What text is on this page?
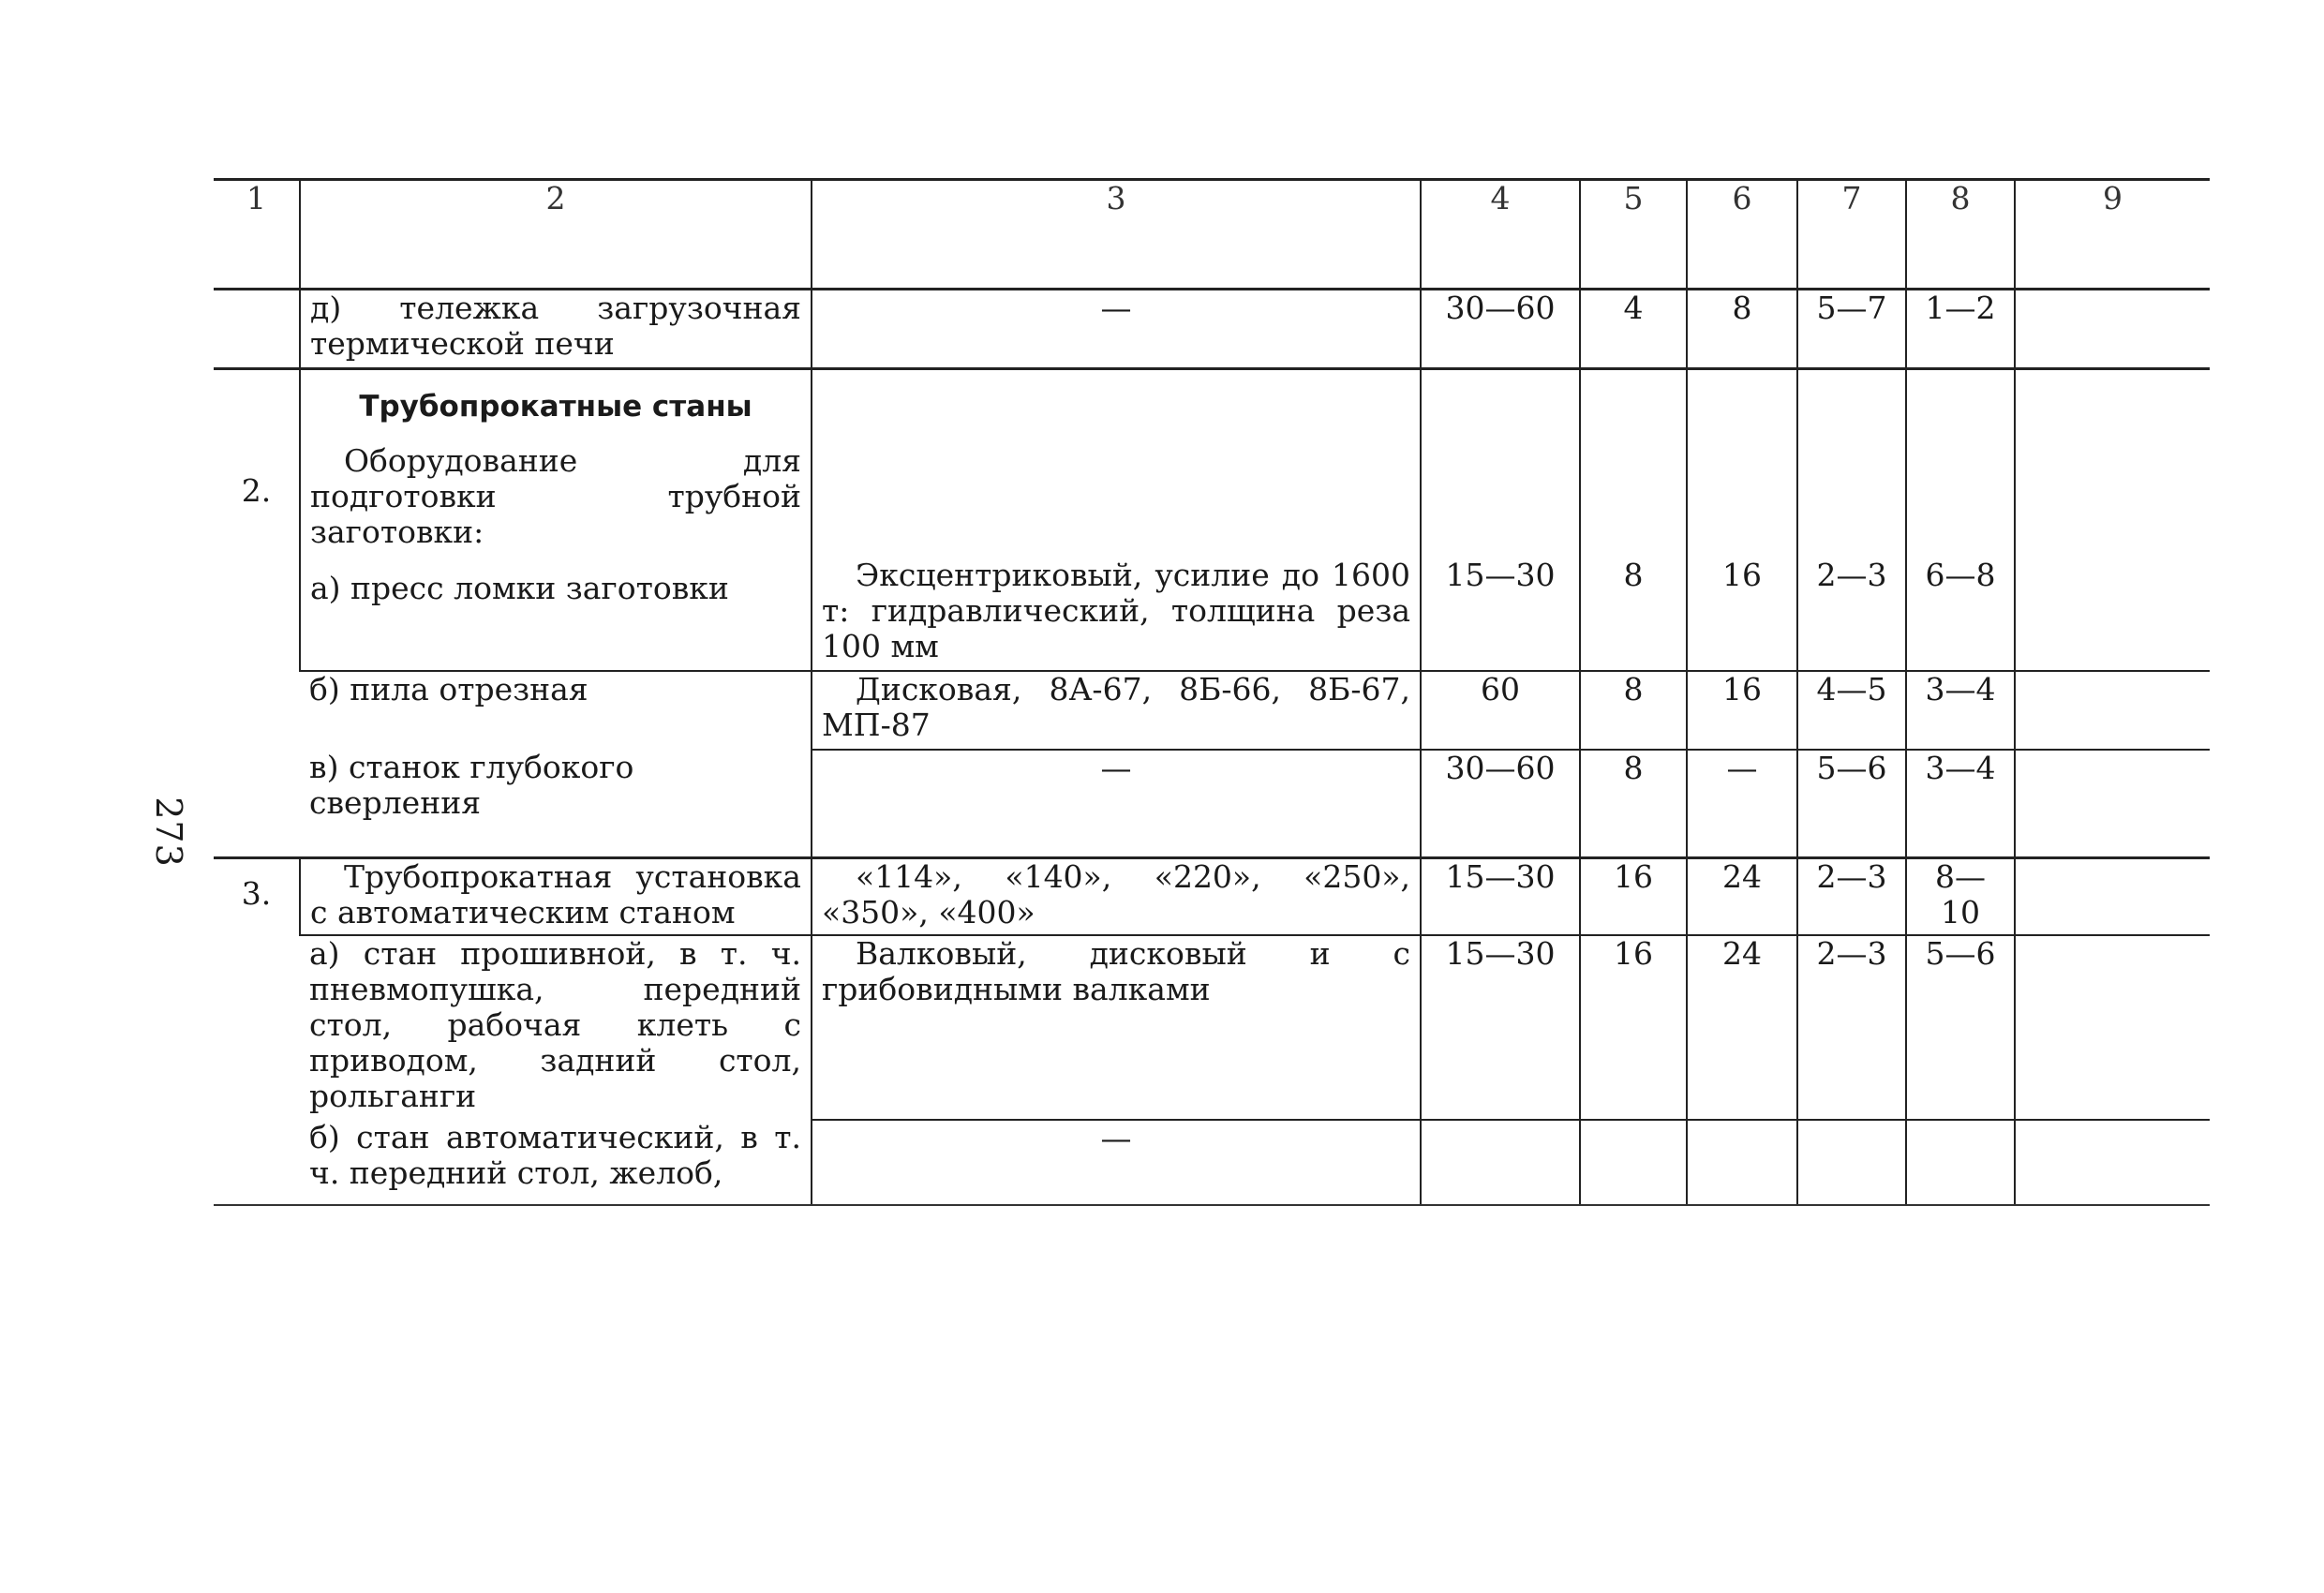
273
1	2	3	4	5	6	7	8	9
	д) тележка загрузочная термической печи	—	30—60	4	8	5—7	1—2	
2.	Трубопрокатные станы
Оборудование для подготовки трубной заготовки:
а) пресс ломки заготовки	Эксцентриковый, усилие до 1600 т: гидравлический, толщина реза 100 мм	15—30	8	16	2—3	6—8	
	б) пила отрезная	Дисковая, 8А-67, 8Б-66, 8Б-67, МП-87	60	8	16	4—5	3—4	
	в) станок глубокого сверления	—	30—60	8	—	5—6	3—4	
3.	Трубопрокатная установка с автоматическим станом	«114», «140», «220», «250», «350», «400»	15—30	16	24	2—3	8—10	
	а) стан прошивной, в т. ч. пневмопушка, передний стол, рабочая клеть с приводом, задний стол, рольганги	Валковый, дисковый и с грибовидными валками	15—30	16	24	2—3	5—6	
	б) стан автоматический, в т. ч. передний стол, желоб,	—						
